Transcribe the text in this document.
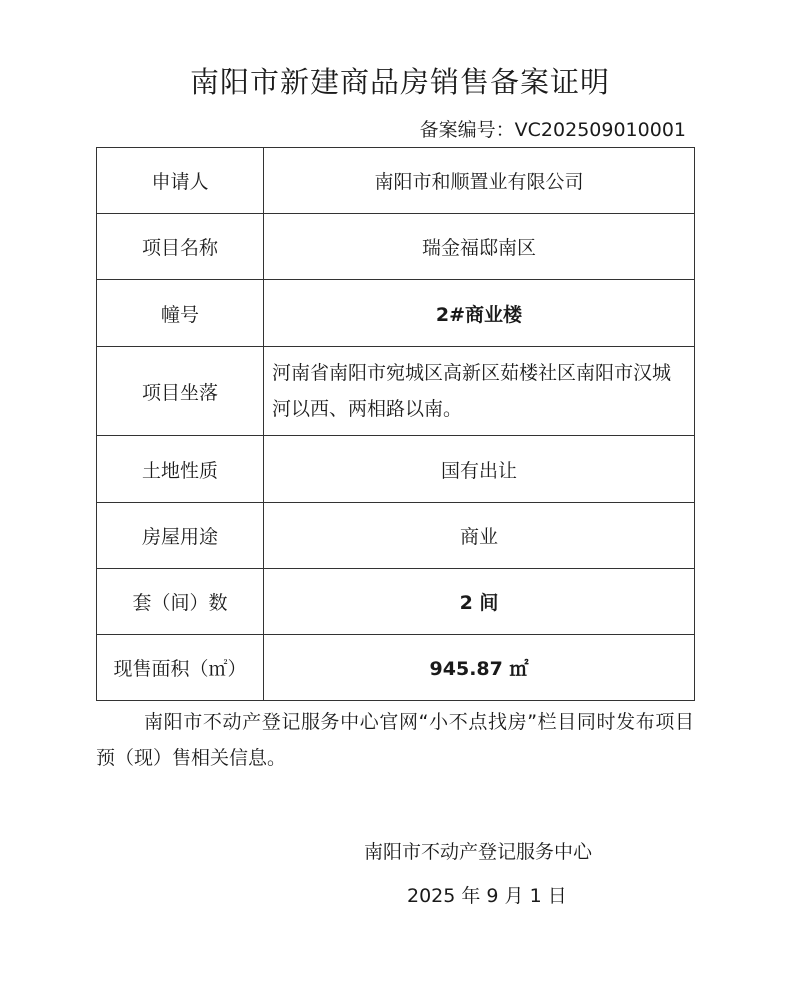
南阳市新建商品房销售备案证明
备案编号：VC202509010001
申请人	南阳市和顺置业有限公司
项目名称	瑞金福邸南区
幢号	2#商业楼
项目坐落	河南省南阳市宛城区高新区茹楼社区南阳市汉城河以西、两相路以南。
土地性质	国有出让
房屋用途	商业
套（间）数	2 间
现售面积（㎡）	945.87 ㎡
南阳市不动产登记服务中心官网“小不点找房”栏目同时发布项目预（现）售相关信息。
南阳市不动产登记服务中心
2025 年 9 月 1 日
